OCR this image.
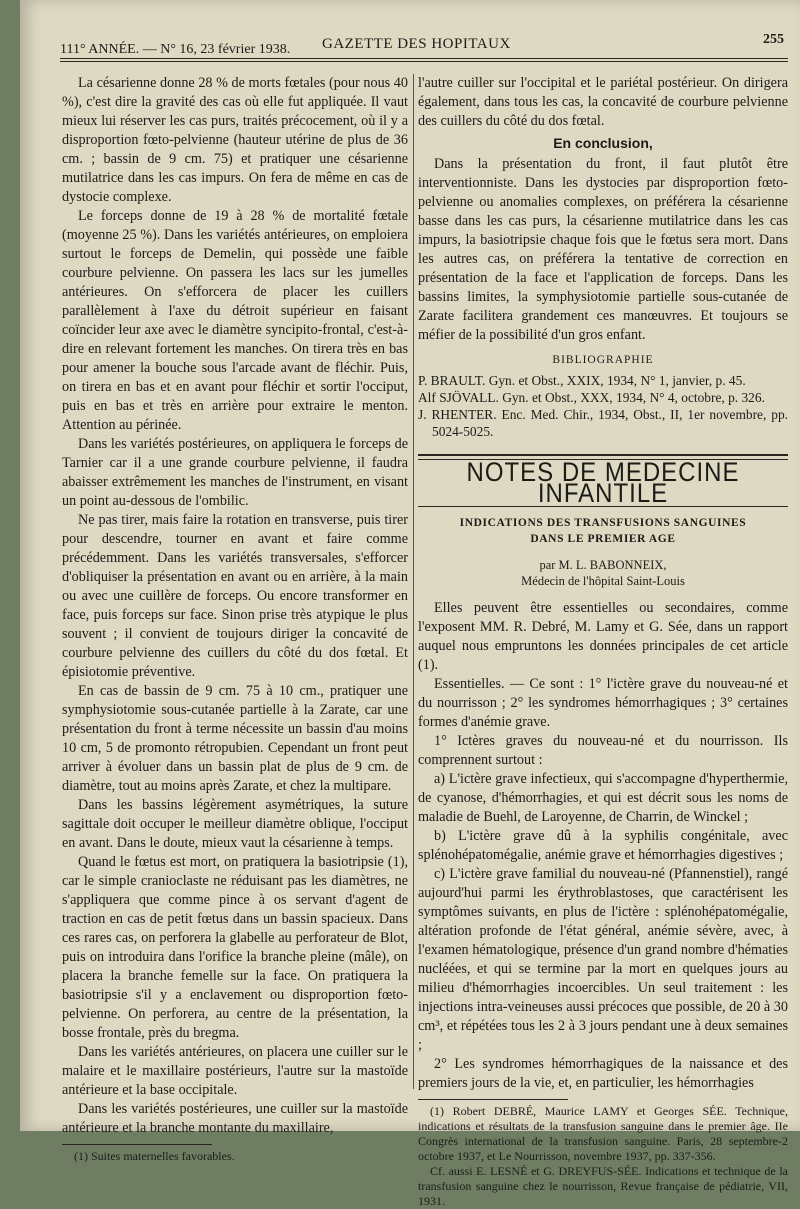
111° ANNÉE. — N° 16, 23 février 1938. GAZETTE DES HOPITAUX	255

La césarienne donne 28 % de morts fœtales (pour nous 40 %), c'est dire la gravité des cas où elle fut appliquée. Il vaut mieux lui réserver les cas purs, traités précocement, où il y a disproportion fœto-pelvienne (hauteur utérine de plus de 36 cm. ; bassin de 9 cm. 75) et pratiquer une césarienne mutilatrice dans les cas impurs. On fera de même en cas de dystocie complexe.

Le forceps donne de 19 à 28 % de mortalité fœtale (moyenne 25 %). Dans les variétés antérieures, on emploiera surtout le forceps de Demelin, qui possède une faible courbure pelvienne. On passera les lacs sur les jumelles antérieures. On s'efforcera de placer les cuillers parallèlement à l'axe du détroit supérieur en faisant coïncider leur axe avec le diamètre syncipito-frontal, c'est-à-dire en relevant fortement les manches. On tirera très en bas pour amener la bouche sous l'arcade avant de fléchir. Puis, on tirera en bas et en avant pour fléchir et sortir l'occiput, puis en bas et très en arrière pour extraire le menton. Attention au périnée.

Dans les variétés postérieures, on appliquera le forceps de Tarnier car il a une grande courbure pelvienne, il faudra abaisser extrêmement les manches de l'instrument, en visant un point au-dessous de l'ombilic.

Ne pas tirer, mais faire la rotation en transverse, puis tirer pour descendre, tourner en avant et faire comme précédemment. Dans les variétés transversales, s'efforcer d'obliquiser la présentation en avant ou en arrière, à la main ou avec une cuillère de forceps. Ou encore transformer en face, puis forceps sur face. Sinon prise très atypique le plus souvent ; il convient de toujours diriger la concavité de courbure pelvienne des cuillers du côté du dos fœtal. Et épisiotomie préventive.

En cas de bassin de 9 cm. 75 à 10 cm., pratiquer une symphysiotomie sous-cutanée partielle à la Zarate, car une présentation du front à terme nécessite un bassin d'au moins 10 cm, 5 de promonto rétropubien. Cependant un front peut arriver à évoluer dans un bassin plat de plus de 9 cm. de diamètre, tout au moins après Zarate, et chez la multipare.

Dans les bassins légèrement asymétriques, la suture sagittale doit occuper le meilleur diamètre oblique, l'occiput en avant. Dans le doute, mieux vaut la césarienne à temps.

Quand le fœtus est mort, on pratiquera la basiotripsie (1), car le simple cranioclaste ne réduisant pas les diamètres, ne s'appliquera que comme pince à os servant d'agent de traction en cas de petit fœtus dans un bassin spacieux. Dans ces rares cas, on perforera la glabelle au perforateur de Blot, puis on introduira dans l'orifice la branche pleine (mâle), on placera la branche femelle sur la face. On pratiquera la basiotripsie s'il y a enclavement ou disproportion fœto-pelvienne. On perforera, au centre de la présentation, la bosse frontale, près du bregma.

Dans les variétés antérieures, on placera une cuiller sur le malaire et le maxillaire postérieurs, l'autre sur la mastoïde antérieure et la base occipitale.

Dans les variétés postérieures, une cuiller sur la mastoïde antérieure et la branche montante du maxillaire,

(1) Suites maternelles favorables.

l'autre cuiller sur l'occipital et le pariétal postérieur. On dirigera également, dans tous les cas, la concavité de courbure pelvienne des cuillers du côté du dos fœtal.

En conclusion,

Dans la présentation du front, il faut plutôt être interventionniste. Dans les dystocies par disproportion fœto-pelvienne ou anomalies complexes, on préférera la césarienne basse dans les cas purs, la césarienne mutilatrice dans les cas impurs, la basiotripsie chaque fois que le fœtus sera mort. Dans les autres cas, on préférera la tentative de correction en présentation de la face et l'application de forceps. Dans les bassins limites, la symphysiotomie partielle sous-cutanée de Zarate facilitera grandement ces manœuvres. Et toujours se méfier de la possibilité d'un gros enfant.

BIBLIOGRAPHIE

P. BRAULT. Gyn. et Obst., XXIX, 1934, N° 1, janvier, p. 45.

Alf SJÖVALL. Gyn. et Obst., XXX, 1934, N° 4, octobre, p. 326.

J. RHENTER. Enc. Med. Chir., 1934, Obst., II, 1er novembre, pp. 5024-5025.

NOTES DE MEDECINE INFANTILE
INDICATIONS DES TRANSFUSIONS SANGUINES
DANS LE PREMIER AGE
par M. L. BABONNEIX,
Médecin de l'hôpital Saint-Louis

Elles peuvent être essentielles ou secondaires, comme l'exposent MM. R. Debré, M. Lamy et G. Sée, dans un rapport auquel nous empruntons les données principales de cet article (1).

Essentielles. — Ce sont : 1° l'ictère grave du nouveau-né et du nourrisson ; 2° les syndromes hémorrhagiques ; 3° certaines formes d'anémie grave.

1° Ictères graves du nouveau-né et du nourrisson. Ils comprennent surtout :

a) L'ictère grave infectieux, qui s'accompagne d'hyperthermie, de cyanose, d'hémorrhagies, et qui est décrit sous les noms de maladie de Buehl, de Laroyenne, de Charrin, de Winckel ;

b) L'ictère grave dû à la syphilis congénitale, avec splénohépatomégalie, anémie grave et hémorrhagies digestives ;

c) L'ictère grave familial du nouveau-né (Pfannenstiel), rangé aujourd'hui parmi les érythroblastoses, que caractérisent les symptômes suivants, en plus de l'ictère : splénohépatomégalie, altération profonde de l'état général, anémie sévère, avec, à l'examen hématologique, présence d'un grand nombre d'hématies nucléées, et qui se termine par la mort en quelques jours au milieu d'hémorrhagies incoercibles. Un seul traitement : les injections intra-veineuses aussi précoces que possible, de 20 à 30 cm³, et répétées tous les 2 à 3 jours pendant une à deux semaines ;

2° Les syndromes hémorrhagiques de la naissance et des premiers jours de la vie, et, en particulier, les hémorrhagies

(1) Robert DEBRÉ, Maurice LAMY et Georges SÉE. Technique, indications et résultats de la transfusion sanguine dans le premier âge. IIe Congrès international de la transfusion sanguine. Paris, 28 septembre-2 octobre 1937, et Le Nourrisson, novembre 1937, pp. 337-356.

Cf. aussi E. LESNÉ et G. DREYFUS-SÉE. Indications et technique de la transfusion sanguine chez le nourrisson, Revue française de pédiatrie, VII, 1931.
